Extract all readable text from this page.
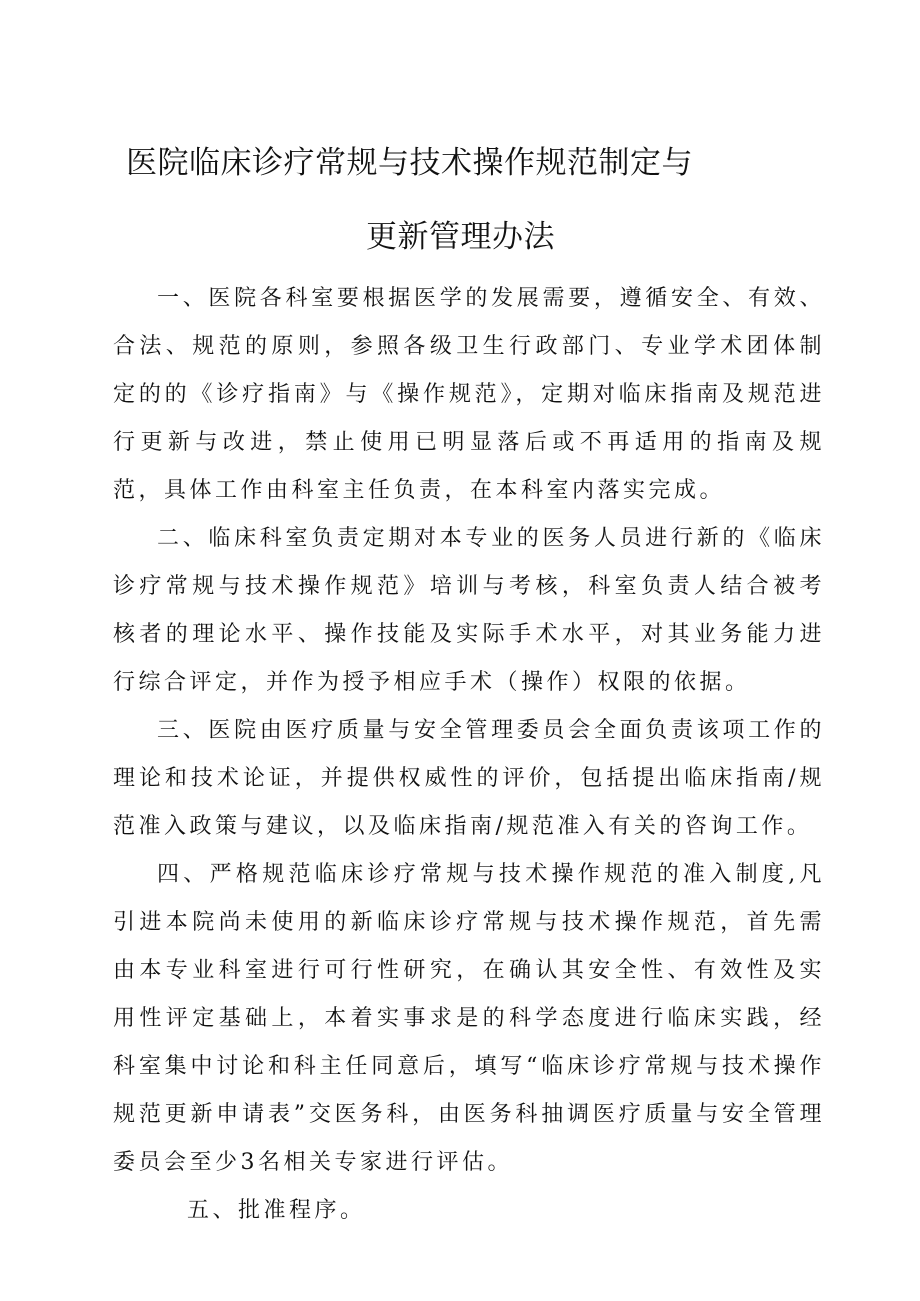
医院临床诊疗常规与技术操作规范制定与
更新管理办法

一、医院各科室要根据医学的发展需要，遵循安全、有效、合法、规范的原则，参照各级卫生行政部门、专业学术团体制定的的《诊疗指南》与《操作规范》，定期对临床指南及规范进行更新与改进，禁止使用已明显落后或不再适用的指南及规范，具体工作由科室主任负责，在本科室内落实完成。

二、临床科室负责定期对本专业的医务人员进行新的《临床诊疗常规与技术操作规范》培训与考核，科室负责人结合被考核者的理论水平、操作技能及实际手术水平，对其业务能力进行综合评定，并作为授予相应手术（操作）权限的依据。

三、医院由医疗质量与安全管理委员会全面负责该项工作的理论和技术论证，并提供权威性的评价，包括提出临床指南/规范准入政策与建议，以及临床指南/规范准入有关的咨询工作。

四、严格规范临床诊疗常规与技术操作规范的准入制度,凡引进本院尚未使用的新临床诊疗常规与技术操作规范，首先需由本专业科室进行可行性研究，在确认其安全性、有效性及实用性评定基础上，本着实事求是的科学态度进行临床实践，经科室集中讨论和科主任同意后，填写“临床诊疗常规与技术操作规范更新申请表”交医务科，由医务科抽调医疗质量与安全管理委员会至少3名相关专家进行评估。

五、批准程序。
